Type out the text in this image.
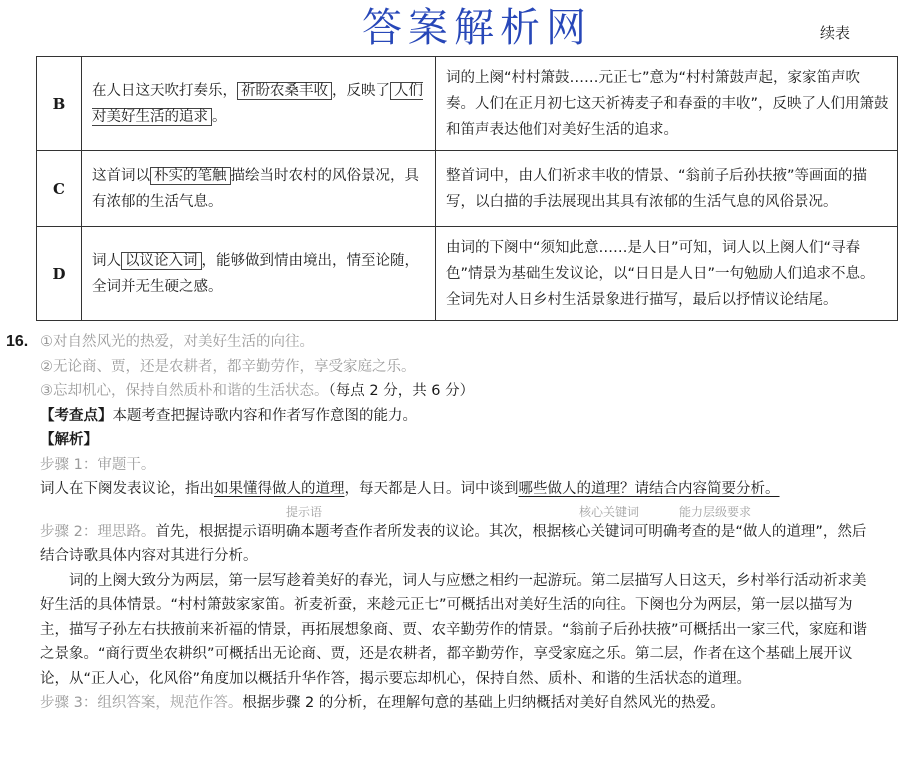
答案解析网	续表
B	在人日这天吹打奏乐， 祈盼农桑丰收 ，反映了 人们对美好生活的追求 。	词的上阕“村村箫鼓……元正七”意为“村村箫鼓声起，家家笛声吹奏。人们在正月初七这天祈祷麦子和春蚕的丰收”，反映了人们用箫鼓和笛声表达他们对美好生活的追求。
C	这首词以 朴实的笔触 描绘当时农村的风俗景况，具有浓郁的生活气息。	整首词中，由人们祈求丰收的情景、“翁前子后孙扶掖”等画面的描写，以白描的手法展现出其具有浓郁的生活气息的风俗景况。
D	词人 以议论入词 ，能够做到情由境出，情至论随，全词并无生硬之感。	由词的下阕中“须知此意……是人日”可知，词人以上阕人们“寻春色”情景为基础生发议论，以“日日是人日”一句勉励人们追求不息。全词先对人日乡村生活景象进行描写，最后以抒情议论结尾。
16. ①对自然风光的热爱，对美好生活的向往。
②无论商、贾，还是农耕者，都辛勤劳作，享受家庭之乐。
③忘却机心，保持自然质朴和谐的生活状态。（每点 2 分，共 6 分）
【考查点】本题考查把握诗歌内容和作者写作意图的能力。
【解析】
步骤 1：审题干。
词人在下阕发表议论，指出如果懂得做人的道理，每天都是人日。词中谈到哪些做人的道理？请结合内容简要分析。
提示语	核心关键词	能力层级要求
步骤 2：理思路。首先，根据提示语明确本题考查作者所发表的议论。其次，根据核心关键词可明确考查的是“做人的道理”，然后结合诗歌具体内容对其进行分析。
词的上阕大致分为两层，第一层写趁着美好的春光，词人与应懋之相约一起游玩。第二层描写人日这天，乡村举行活动祈求美好生活的具体情景。“村村箫鼓家家笛。祈麦祈蚕，来趁元正七”可概括出对美好生活的向往。下阕也分为两层，第一层以描写为主，描写子孙左右扶掖前来祈福的情景，再拓展想象商、贾、农辛勤劳作的情景。“翁前子后孙扶掖”可概括出一家三代，家庭和谐之景象。“商行贾坐农耕织”可概括出无论商、贾，还是农耕者，都辛勤劳作，享受家庭之乐。第二层，作者在这个基础上展开议论，从“正人心，化风俗”角度加以概括升华作答，揭示要忘却机心，保持自然、质朴、和谐的生活状态的道理。
步骤 3：组织答案，规范作答。根据步骤 2 的分析，在理解句意的基础上归纳概括对美好自然风光的热爱。
